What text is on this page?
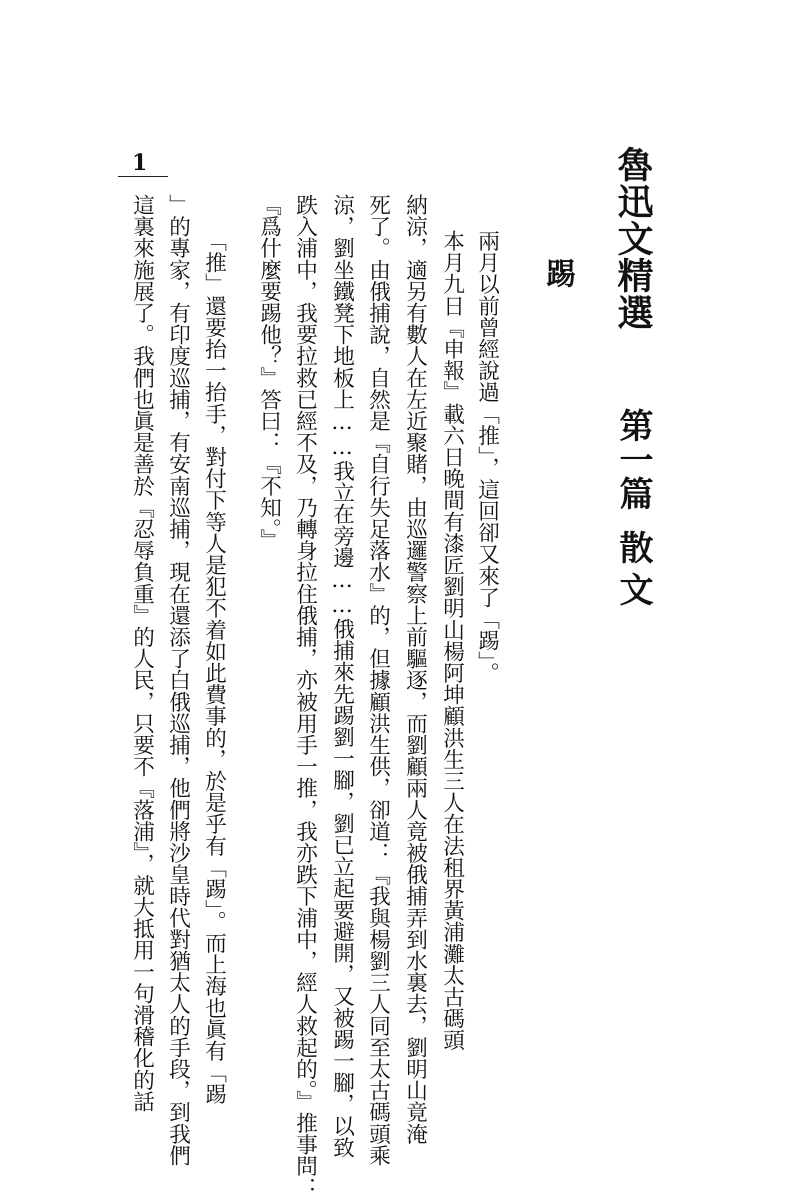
1	魯迅文精選
第一篇
散文
踢
兩月以前曾經說過「推」，這回卻又來了「踢」。
本月九日『申報』載六日晚間有漆匠劉明山楊阿坤顧洪生三人在法租界黃浦灘太古碼頭
納涼，適另有數人在左近聚賭，由巡邏警察上前驅逐，而劉顧兩人竟被俄捕弄到水裏去，劉明山竟淹
死了。由俄捕說，自然是『自行失足落水』的，但據顧洪生供，卻道：『我與楊劉三人同至太古碼頭乘
涼，劉坐鐵凳下地板上……我立在旁邊……俄捕來先踢劉一腳，劉已立起要避開，又被踢一腳，以致
跌入浦中，我要拉救已經不及，乃轉身拉住俄捕，亦被用手一推，我亦跌下浦中，經人救起的。』推事問：
『爲什麼要踢他？』答曰：『不知。』
「推」還要抬一抬手，對付下等人是犯不着如此費事的，於是乎有「踢」。而上海也眞有「踢
」的專家，有印度巡捕，有安南巡捕，現在還添了白俄巡捕，他們將沙皇時代對猶太人的手段，到我們
這裏來施展了。我們也眞是善於『忍辱負重』的人民，只要不『落浦』，就大抵用一句滑稽化的話
